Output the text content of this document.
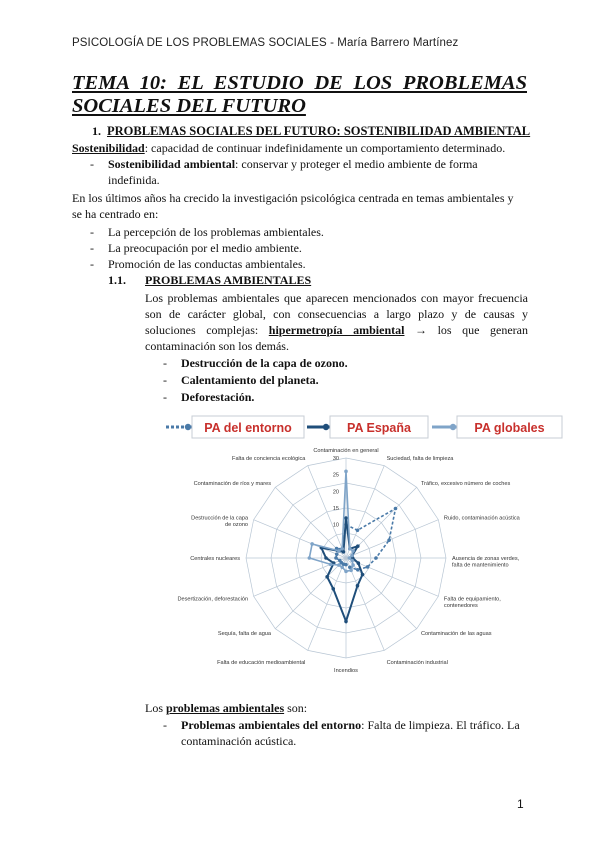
PSICOLOGÍA DE LOS PROBLEMAS SOCIALES - María Barrero Martínez
TEMA 10: EL ESTUDIO DE LOS PROBLEMAS
SOCIALES DEL FUTURO
1. PROBLEMAS SOCIALES DEL FUTURO: SOSTENIBILIDAD AMBIENTAL
Sostenibilidad: capacidad de continuar indefinidamente un comportamiento determinado.
- Sostenibilidad ambiental: conservar y proteger el medio ambiente de forma
indefinida.
En los últimos años ha crecido la investigación psicológica centrada en temas ambientales y
se ha centrado en:
- La percepción de los problemas ambientales.
- La preocupación por el medio ambiente.
- Promoción de las conductas ambientales.
1.1. PROBLEMAS AMBIENTALES
Los problemas ambientales que aparecen mencionados con mayor frecuencia
son de carácter global, con consecuencias a largo plazo y de causas y
soluciones complejas: hipermetropía ambiental → los que generan
contaminación son los demás.
- Destrucción de la capa de ozono.
- Calentamiento del planeta.
- Deforestación.
PA del entorno	PA España	PA globales
10
15
20
25
30
Contaminación en general
Suciedad, falta de limpieza
Tráfico, excesivo número de coches
Ruido, contaminación acústica
Ausencia de zonas verdes, falta de mantenimiento
Falta de equipamiento, contenedores
Contaminación de las aguas
Contaminación industrial
Incendios
Falta de educación medioambiental
Sequía, falta de agua
Desertización, deforestación
Centrales nucleares
Destrucción de la capa de ozono
Contaminación de ríos y mares
Falta de conciencia ecológica
Los problemas ambientales son:
- Problemas ambientales del entorno: Falta de limpieza. El tráfico. La
contaminación acústica.
1
